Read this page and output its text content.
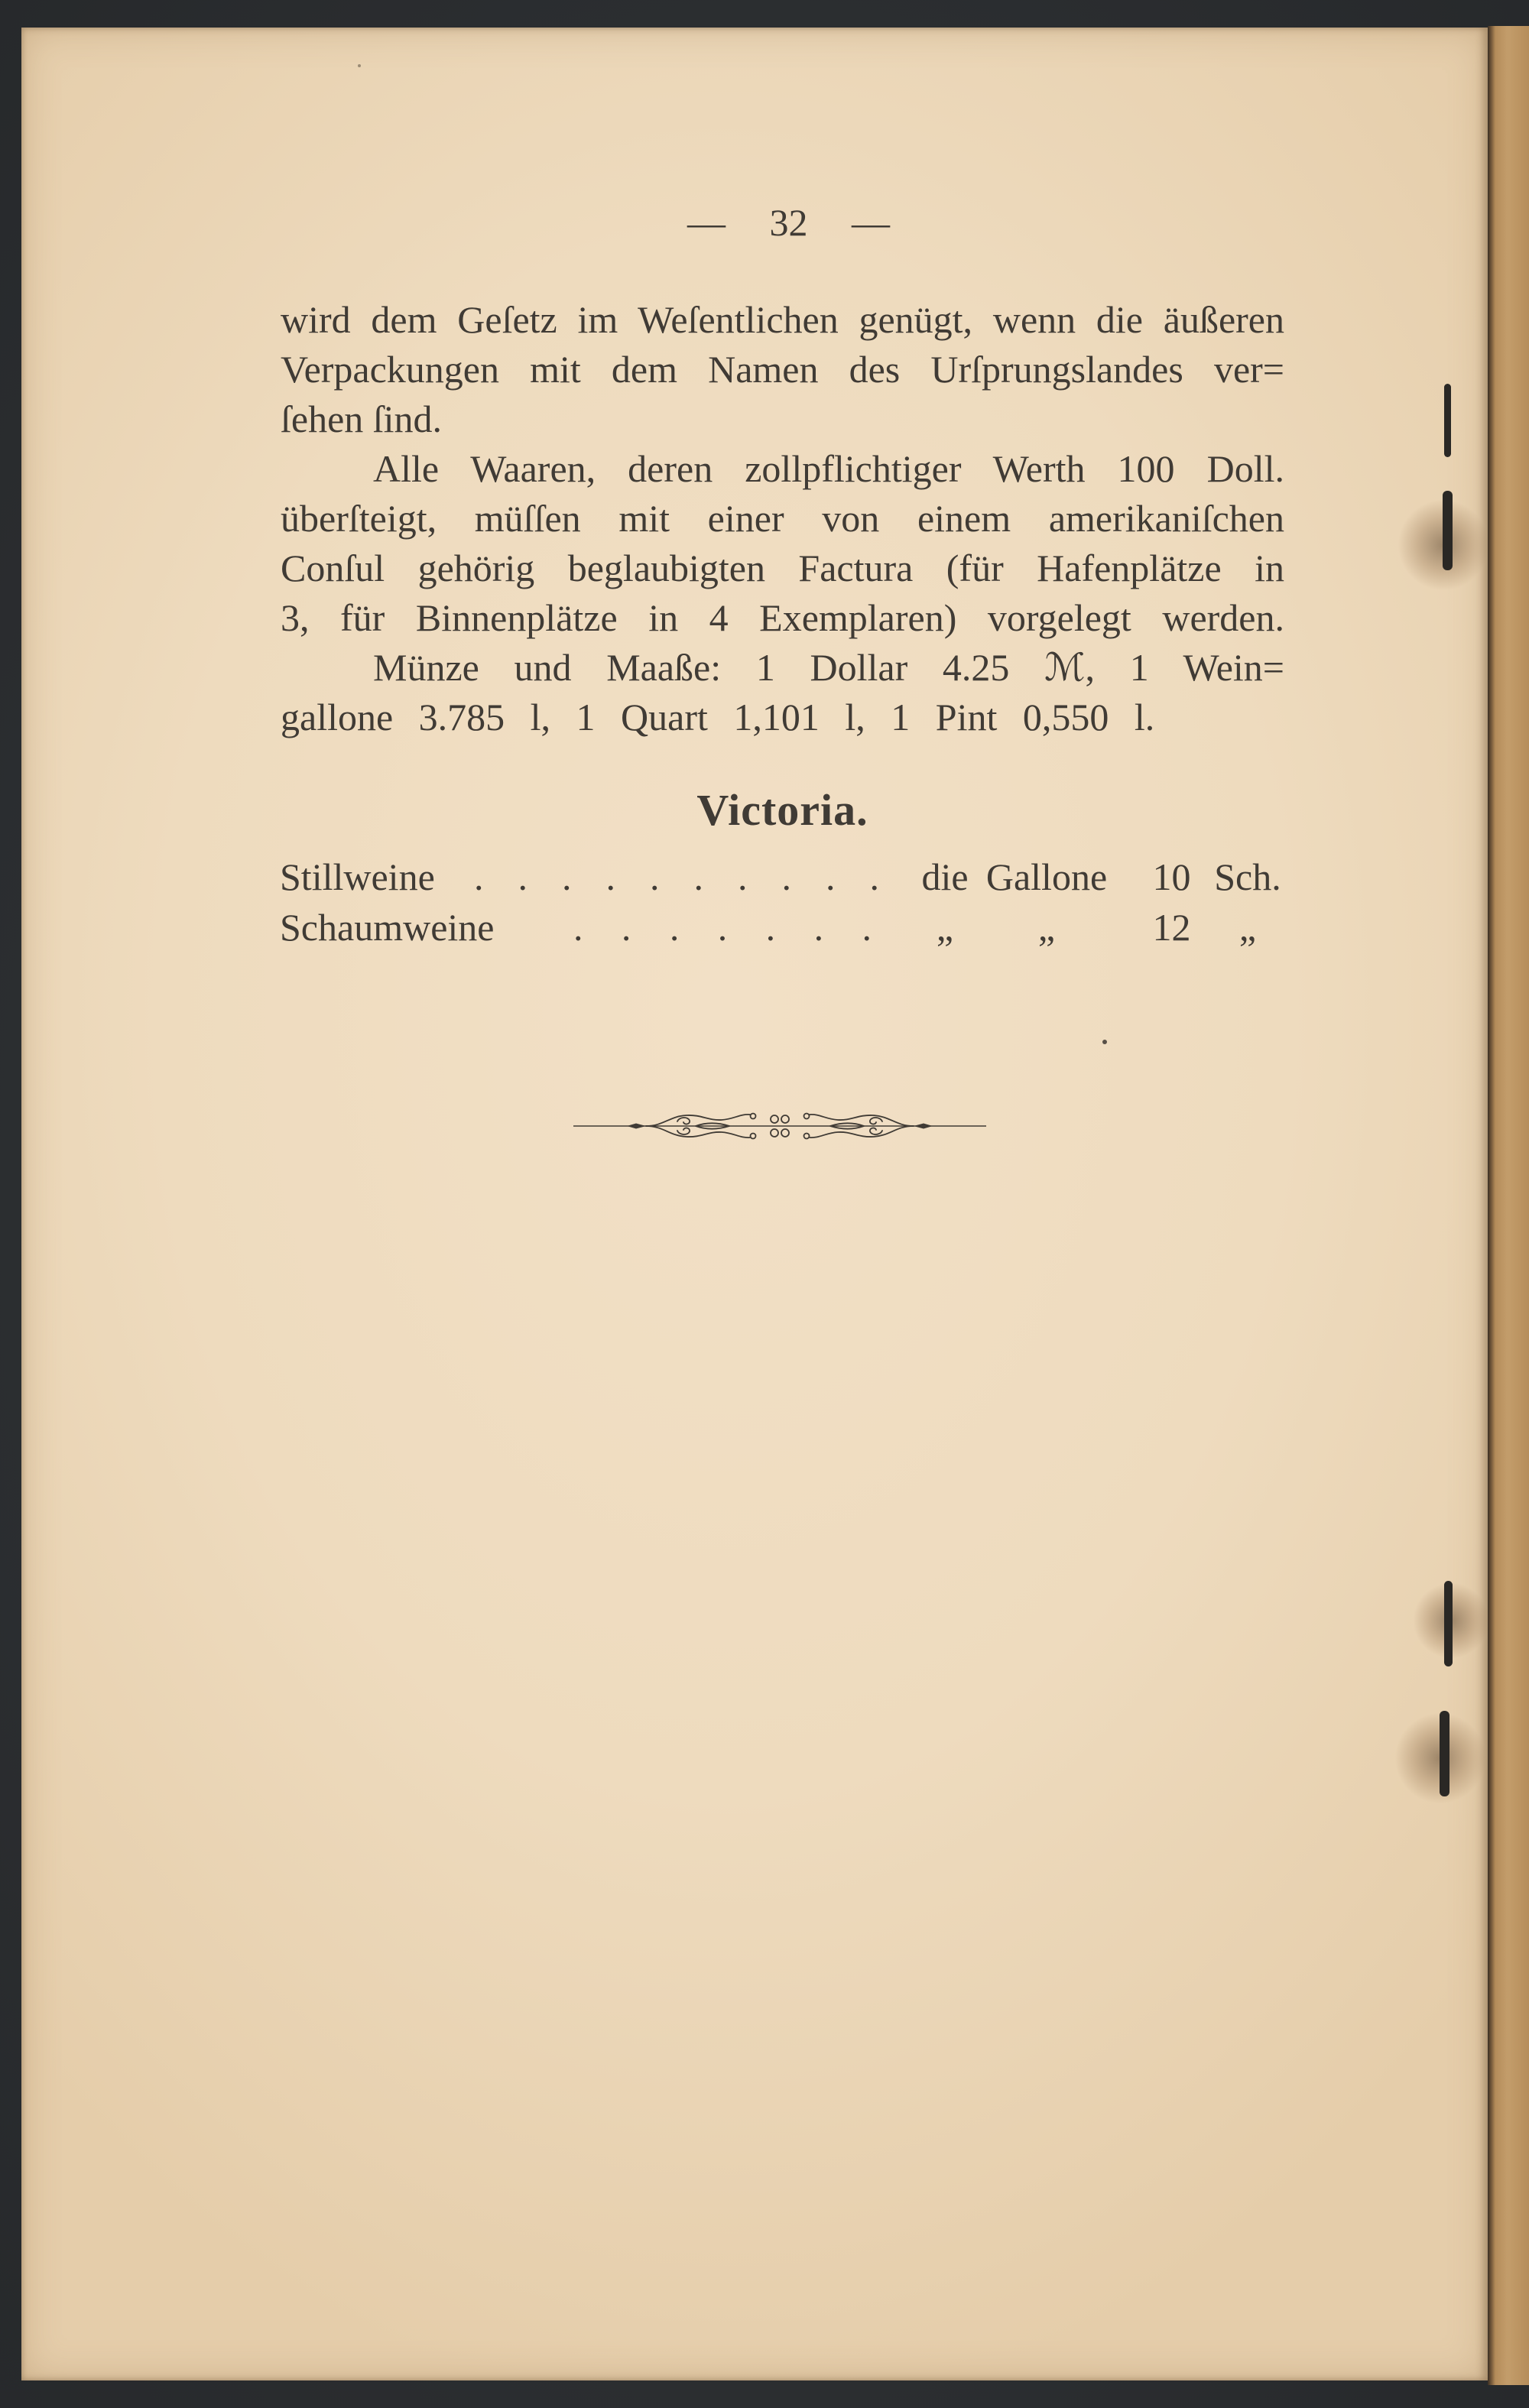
— 32 —
wird dem Geſetz im Weſentlichen genügt, wenn die äußeren
Verpackungen mit dem Namen des Urſprungslandes ver=
ſehen ſind.
Alle Waaren, deren zollpflichtiger Werth 100 Doll.
überſteigt, müſſen mit einer von einem amerikaniſchen
Conſul gehörig beglaubigten Factura (für Hafenplätze in
3, für Binnenplätze in 4 Exemplaren) vorgelegt werden.
Münze und Maaße: 1 Dollar 4.25 ℳ, 1 Wein=
gallone 3.785 l, 1 Quart 1,101 l, 1 Pint 0,550 l.
Victoria.
Stillweine . . . . . . . . . . die Gallone	10 Sch.
Schaumweine . . . . . . .	„	„	12	„
